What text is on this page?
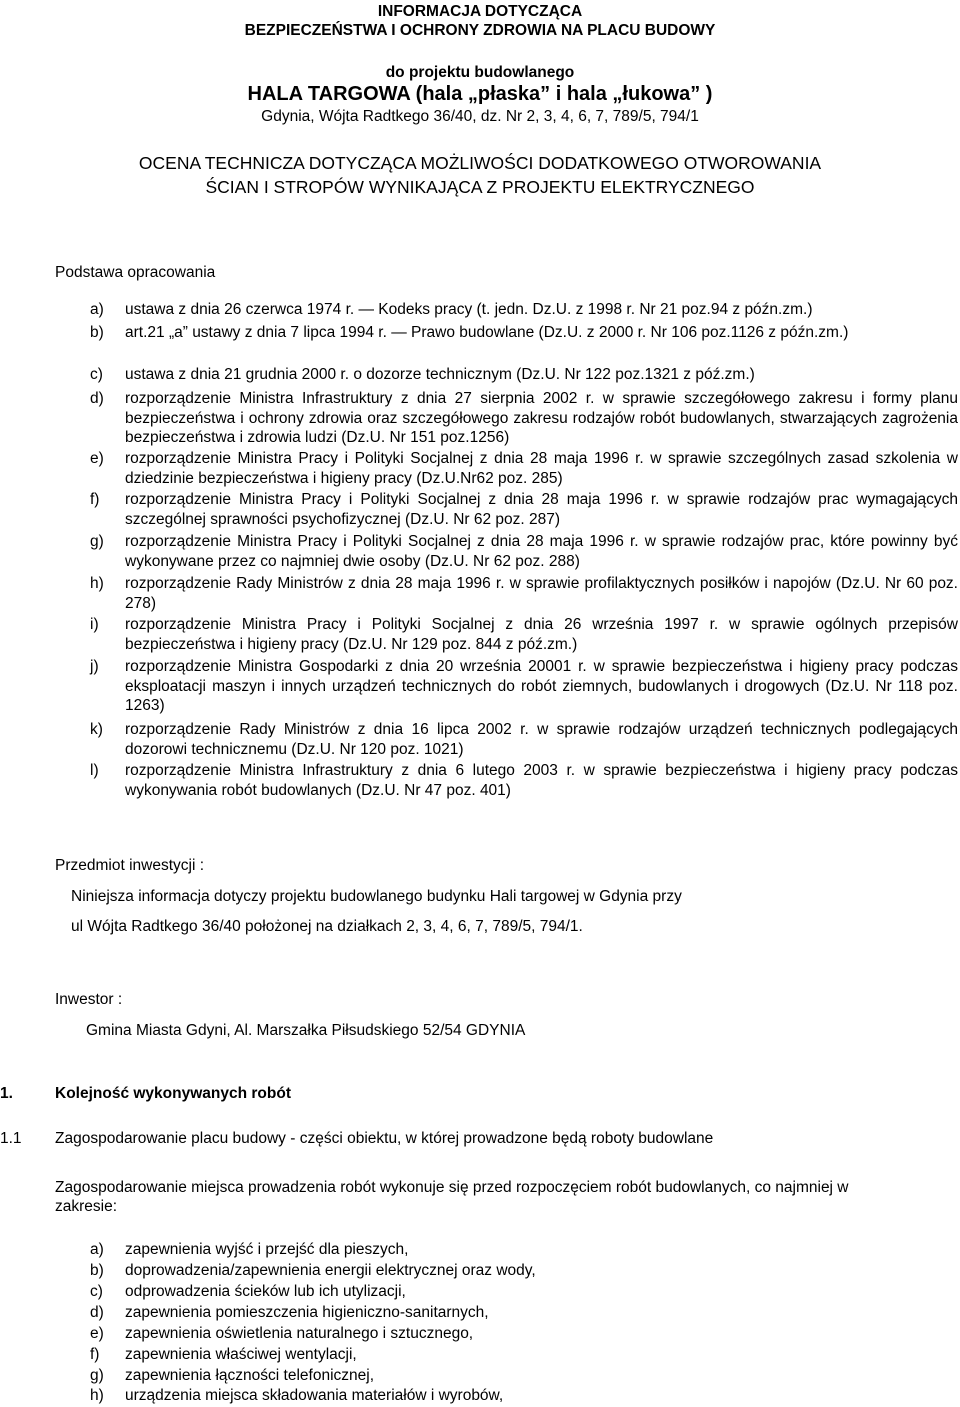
INFORMACJA DOTYCZĄCA
BEZPIECZEŃSTWA I OCHRONY ZDROWIA NA PLACU BUDOWY
do projektu budowlanego
HALA TARGOWA (hala „płaska” i hala „łukowa” )
Gdynia, Wójta Radtkego 36/40, dz. Nr 2, 3, 4, 6, 7, 789/5, 794/1
OCENA TECHNICZA DOTYCZĄCA MOŻLIWOŚCI DODATKOWEGO OTWOROWANIA
ŚCIAN I STROPÓW WYNIKAJĄCA Z PROJEKTU ELEKTRYCZNEGO
Podstawa opracowania
a) ustawa z dnia 26 czerwca 1974 r. ― Kodeks pracy (t. jedn. Dz.U. z 1998 r. Nr 21 poz.94 z późn.zm.)
b) art.21 „a” ustawy z dnia 7 lipca 1994 r. ― Prawo budowlane (Dz.U. z 2000 r. Nr 106 poz.1126 z późn.zm.)
c) ustawa z dnia 21 grudnia 2000 r. o dozorze technicznym (Dz.U. Nr 122 poz.1321 z póź.zm.)
d) rozporządzenie Ministra Infrastruktury z dnia 27 sierpnia 2002 r. w sprawie szczegółowego zakresu i formy planu bezpieczeństwa i ochrony zdrowia oraz szczegółowego zakresu rodzajów robót budowlanych, stwarzających zagrożenia bezpieczeństwa i zdrowia ludzi (Dz.U. Nr 151 poz.1256)
e) rozporządzenie Ministra Pracy i Polityki Socjalnej z dnia 28 maja 1996 r. w sprawie szczególnych zasad szkolenia w dziedzinie bezpieczeństwa i higieny pracy (Dz.U.Nr62 poz. 285)
f) rozporządzenie Ministra Pracy i Polityki Socjalnej z dnia 28 maja 1996 r. w sprawie rodzajów prac wymagających szczególnej sprawności psychofizycznej (Dz.U. Nr 62 poz. 287)
g) rozporządzenie Ministra Pracy i Polityki Socjalnej z dnia 28 maja 1996 r. w sprawie rodzajów prac, które powinny być wykonywane przez co najmniej dwie osoby (Dz.U. Nr 62 poz. 288)
h) rozporządzenie Rady Ministrów z dnia 28 maja 1996 r. w sprawie profilaktycznych posiłków i napojów (Dz.U. Nr 60 poz. 278)
i) rozporządzenie Ministra Pracy i Polityki Socjalnej z dnia 26 września 1997 r. w sprawie ogólnych przepisów bezpieczeństwa i higieny pracy (Dz.U. Nr 129 poz. 844 z póź.zm.)
j) rozporządzenie Ministra Gospodarki z dnia 20 września 20001 r. w sprawie bezpieczeństwa i higieny pracy podczas eksploatacji maszyn i innych urządzeń technicznych do robót ziemnych, budowlanych i drogowych (Dz.U. Nr 118 poz. 1263)
k) rozporządzenie Rady Ministrów z dnia 16 lipca 2002 r. w sprawie rodzajów urządzeń technicznych podlegających dozorowi technicznemu (Dz.U. Nr 120 poz. 1021)
l) rozporządzenie Ministra Infrastruktury z dnia 6 lutego 2003 r. w sprawie bezpieczeństwa i higieny pracy podczas wykonywania robót budowlanych (Dz.U. Nr 47 poz. 401)
Przedmiot inwestycji :
Niniejsza informacja dotyczy projektu budowlanego budynku Hali targowej w Gdynia przy
ul Wójta Radtkego 36/40 położonej na działkach 2, 3, 4, 6, 7, 789/5, 794/1.
Inwestor :
Gmina Miasta Gdyni, Al. Marszałka Piłsudskiego 52/54 GDYNIA
1.	Kolejność wykonywanych robót
1.1 Zagospodarowanie placu budowy - części obiektu, w której prowadzone będą roboty budowlane
Zagospodarowanie miejsca prowadzenia robót wykonuje się przed rozpoczęciem robót budowlanych, co najmniej w zakresie:
a) zapewnienia wyjść i przejść dla pieszych,
b) doprowadzenia/zapewnienia energii elektrycznej oraz wody,
c) odprowadzenia ścieków lub ich utylizacji,
d) zapewnienia pomieszczenia higieniczno-sanitarnych,
e) zapewnienia oświetlenia naturalnego i sztucznego,
f) zapewnienia właściwej wentylacji,
g) zapewnienia łączności telefonicznej,
h) urządzenia miejsca składowania materiałów i wyrobów,
